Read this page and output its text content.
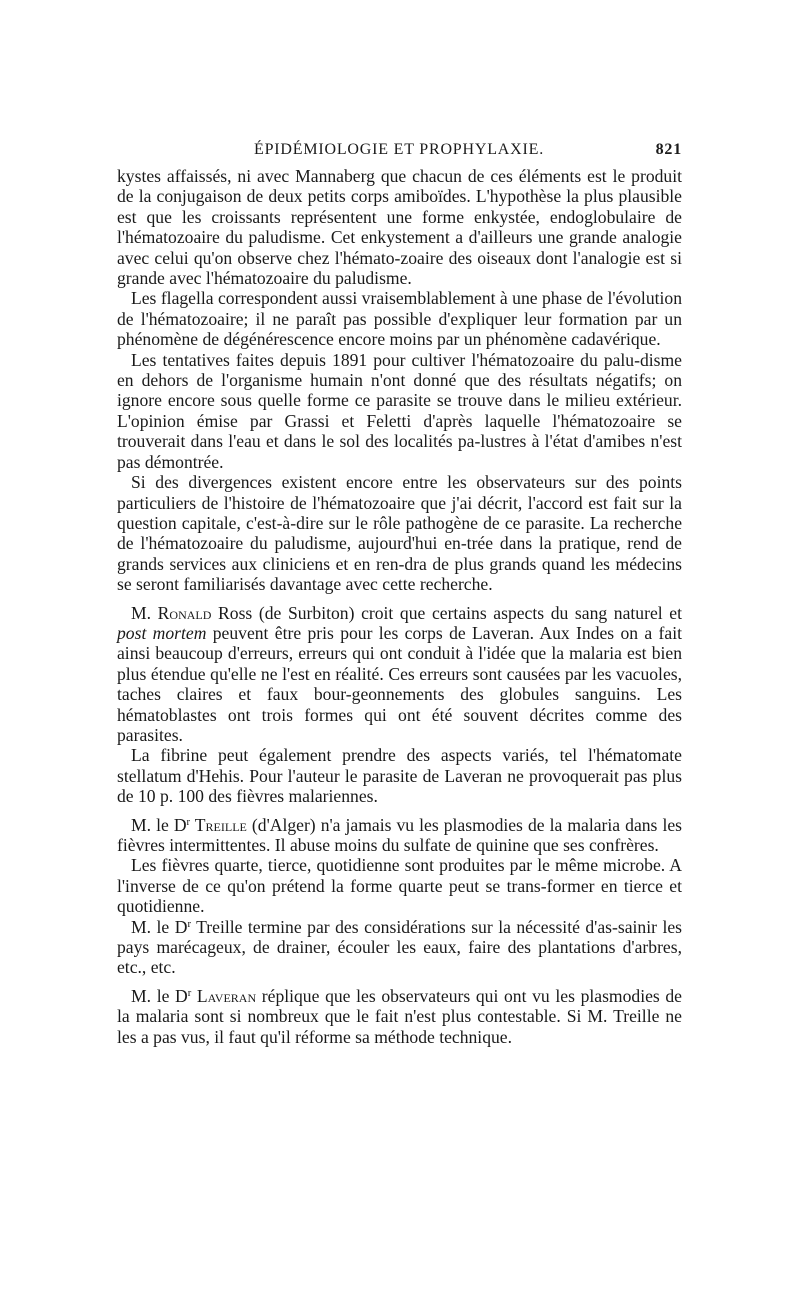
ÉPIDÉMIOLOGIE ET PROPHYLAXIE.	821

kystes affaissés, ni avec Mannaberg que chacun de ces éléments est le produit de la conjugaison de deux petits corps amiboïdes. L'hypothèse la plus plausible est que les croissants représentent une forme enkystée, endoglobulaire de l'hématozoaire du paludisme. Cet enkystement a d'ailleurs une grande analogie avec celui qu'on observe chez l'hémato-zoaire des oiseaux dont l'analogie est si grande avec l'hématozoaire du paludisme.

Les flagella correspondent aussi vraisemblablement à une phase de l'évolution de l'hématozoaire; il ne paraît pas possible d'expliquer leur formation par un phénomène de dégénérescence encore moins par un phénomène cadavérique.

Les tentatives faites depuis 1891 pour cultiver l'hématozoaire du palu-disme en dehors de l'organisme humain n'ont donné que des résultats négatifs; on ignore encore sous quelle forme ce parasite se trouve dans le milieu extérieur. L'opinion émise par Grassi et Feletti d'après laquelle l'hématozoaire se trouverait dans l'eau et dans le sol des localités pa-lustres à l'état d'amibes n'est pas démontrée.

Si des divergences existent encore entre les observateurs sur des points particuliers de l'histoire de l'hématozoaire que j'ai décrit, l'accord est fait sur la question capitale, c'est-à-dire sur le rôle pathogène de ce parasite. La recherche de l'hématozoaire du paludisme, aujourd'hui en-trée dans la pratique, rend de grands services aux cliniciens et en ren-dra de plus grands quand les médecins se seront familiarisés davantage avec cette recherche.

M. Ronald Ross (de Surbiton) croit que certains aspects du sang naturel et post mortem peuvent être pris pour les corps de Laveran. Aux Indes on a fait ainsi beaucoup d'erreurs, erreurs qui ont conduit à l'idée que la malaria est bien plus étendue qu'elle ne l'est en réalité. Ces erreurs sont causées par les vacuoles, taches claires et faux bour-geonnements des globules sanguins. Les hématoblastes ont trois formes qui ont été souvent décrites comme des parasites.

La fibrine peut également prendre des aspects variés, tel l'hématomate stellatum d'Hehis. Pour l'auteur le parasite de Laveran ne provoquerait pas plus de 10 p. 100 des fièvres malariennes.

M. le $D^r$ Treille (d'Alger) n'a jamais vu les plasmodies de la malaria dans les fièvres intermittentes. Il abuse moins du sulfate de quinine que ses confrères.

Les fièvres quarte, tierce, quotidienne sont produites par le même microbe. A l'inverse de ce qu'on prétend la forme quarte peut se trans-former en tierce et quotidienne.

M. le $D^r$ Treille termine par des considérations sur la nécessité d'as-sainir les pays marécageux, de drainer, écouler les eaux, faire des plantations d'arbres, etc., etc.

M. le $D^r$ Laveran réplique que les observateurs qui ont vu les plasmodies de la malaria sont si nombreux que le fait n'est plus contestable. Si M. Treille ne les a pas vus, il faut qu'il réforme sa méthode technique.
